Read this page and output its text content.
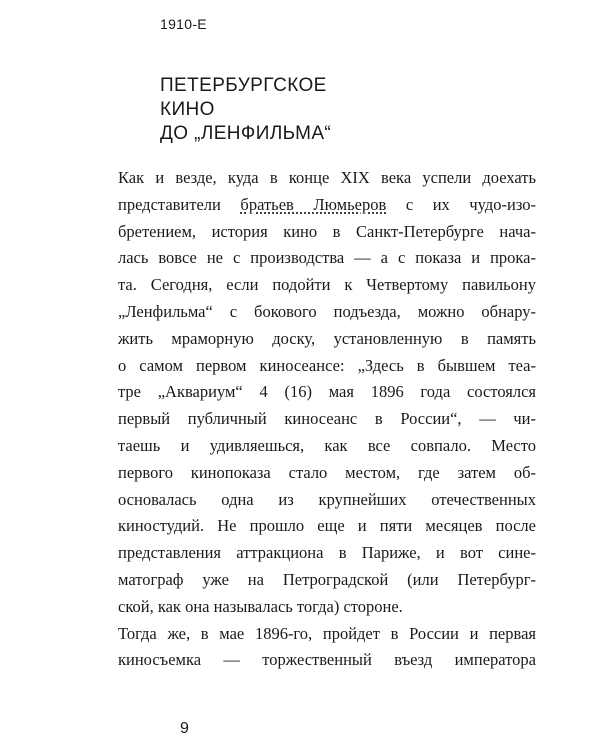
1910-Е
ПЕТЕРБУРГСКОЕ
КИНО
ДО „ЛЕНФИЛЬМА“
Как и везде, куда в конце XIX века успели доехать
представители братьев Люмьеров с их чудо-изо-
бретением, история кино в Санкт-Петербурге нача-
лась вовсе не с производства — а с показа и прока-
та. Сегодня, если подойти к Четвертому павильону
„Ленфильма“ с бокового подъезда, можно обнару-
жить мраморную доску, установленную в память
о самом первом киносеансе: „Здесь в бывшем теа-
тре „Аквариум“ 4 (16) мая 1896 года состоялся
первый публичный киносеанс в России“, — чи-
таешь и удивляешься, как все совпало. Место
первого кинопоказа стало местом, где затем об-
основалась одна из крупнейших отечественных
киностудий. Не прошло еще и пяти месяцев после
представления аттракциона в Париже, и вот сине-
матограф уже на Петроградской (или Петербург-
ской, как она называлась тогда) стороне.
Тогда же, в мае 1896-го, пройдет в России и первая
киносъемка — торжественный въезд императора
9
